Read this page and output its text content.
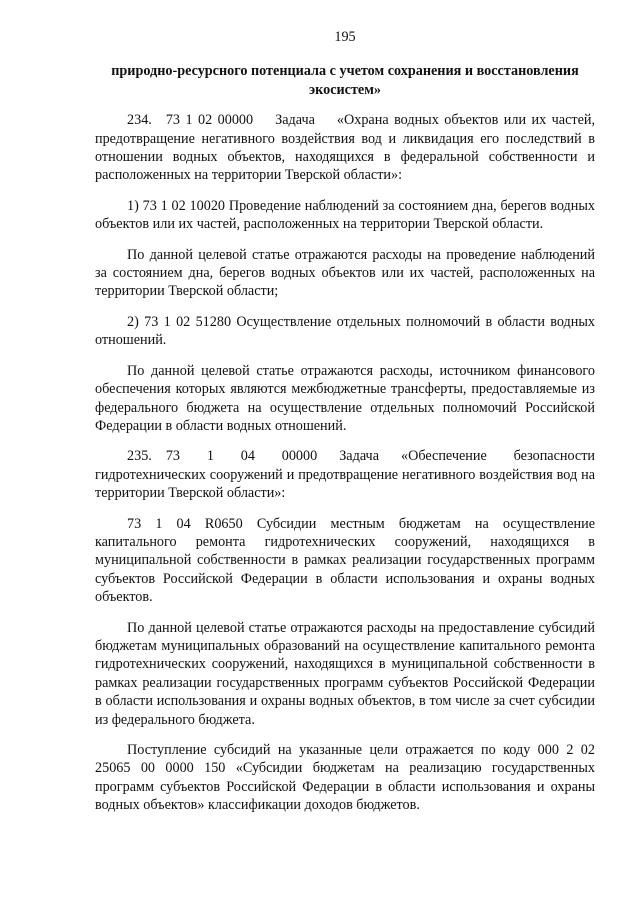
195
природно-ресурсного потенциала с учетом сохранения и восстановления экосистем»

234. 73 1 02 00000 Задача «Охрана водных объектов или их частей, предотвращение негативного воздействия вод и ликвидация его последствий в отношении водных объектов, находящихся в федеральной собственности и расположенных на территории Тверской области»:

1) 73 1 02 10020 Проведение наблюдений за состоянием дна, берегов водных объектов или их частей, расположенных на территории Тверской области.

По данной целевой статье отражаются расходы на проведение наблюдений за состоянием дна, берегов водных объектов или их частей, расположенных на территории Тверской области;

2) 73 1 02 51280 Осуществление отдельных полномочий в области водных отношений.

По данной целевой статье отражаются расходы, источником финансового обеспечения которых являются межбюджетные трансферты, предоставляемые из федерального бюджета на осуществление отдельных полномочий Российской Федерации в области водных отношений.

235. 73 1 04 00000 Задача «Обеспечение безопасности гидротехнических сооружений и предотвращение негативного воздействия вод на территории Тверской области»:

73 1 04 R0650 Субсидии местным бюджетам на осуществление капитального ремонта гидротехнических сооружений, находящихся в муниципальной собственности в рамках реализации государственных программ субъектов Российской Федерации в области использования и охраны водных объектов.

По данной целевой статье отражаются расходы на предоставление субсидий бюджетам муниципальных образований на осуществление капитального ремонта гидротехнических сооружений, находящихся в муниципальной собственности в рамках реализации государственных программ субъектов Российской Федерации в области использования и охраны водных объектов, в том числе за счет субсидии из федерального бюджета.

Поступление субсидий на указанные цели отражается по коду 000 2 02 25065 00 0000 150 «Субсидии бюджетам на реализацию государственных программ субъектов Российской Федерации в области использования и охраны водных объектов» классификации доходов бюджетов.
